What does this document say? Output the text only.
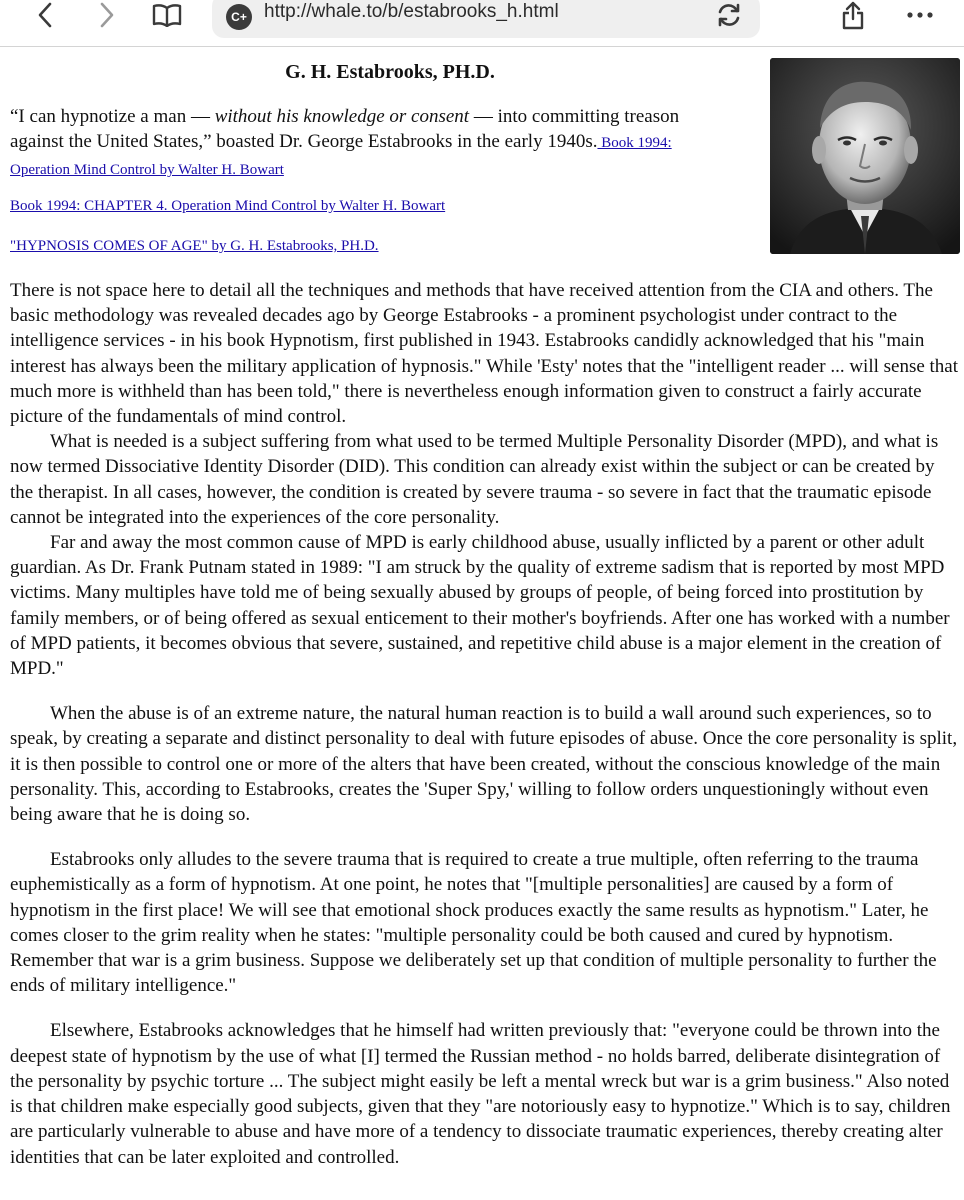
C+ http://whale.to/b/estabrooks_h.html
G. H. Estabrooks, PH.D.

“I can hypnotize a man — without his knowledge or consent — into committing treason against the United States,” boasted Dr. George Estabrooks in the early 1940s. Book 1994: Operation Mind Control by Walter H. Bowart

Book 1994: CHAPTER 4. Operation Mind Control by Walter H. Bowart

"HYPNOSIS COMES OF AGE" by G. H. Estabrooks, PH.D.

There is not space here to detail all the techniques and methods that have received attention from the CIA and others. The basic methodology was revealed decades ago by George Estabrooks - a prominent psychologist under contract to the intelligence services - in his book Hypnotism, first published in 1943. Estabrooks candidly acknowledged that his "main interest has always been the military application of hypnosis." While 'Esty' notes that the "intelligent reader ... will sense that much more is withheld than has been told," there is nevertheless enough information given to construct a fairly accurate picture of the fundamentals of mind control.

What is needed is a subject suffering from what used to be termed Multiple Personality Disorder (MPD), and what is now termed Dissociative Identity Disorder (DID). This condition can already exist within the subject or can be created by the therapist. In all cases, however, the condition is created by severe trauma - so severe in fact that the traumatic episode cannot be integrated into the experiences of the core personality.

Far and away the most common cause of MPD is early childhood abuse, usually inflicted by a parent or other adult guardian. As Dr. Frank Putnam stated in 1989: "I am struck by the quality of extreme sadism that is reported by most MPD victims. Many multiples have told me of being sexually abused by groups of people, of being forced into prostitution by family members, or of being offered as sexual enticement to their mother's boyfriends. After one has worked with a number of MPD patients, it becomes obvious that severe, sustained, and repetitive child abuse is a major element in the creation of MPD."

When the abuse is of an extreme nature, the natural human reaction is to build a wall around such experiences, so to speak, by creating a separate and distinct personality to deal with future episodes of abuse. Once the core personality is split, it is then possible to control one or more of the alters that have been created, without the conscious knowledge of the main personality. This, according to Estabrooks, creates the 'Super Spy,' willing to follow orders unquestioningly without even being aware that he is doing so.

Estabrooks only alludes to the severe trauma that is required to create a true multiple, often referring to the trauma euphemistically as a form of hypnotism. At one point, he notes that "[multiple personalities] are caused by a form of hypnotism in the first place! We will see that emotional shock produces exactly the same results as hypnotism." Later, he comes closer to the grim reality when he states: "multiple personality could be both caused and cured by hypnotism. Remember that war is a grim business. Suppose we deliberately set up that condition of multiple personality to further the ends of military intelligence."

Elsewhere, Estabrooks acknowledges that he himself had written previously that: "everyone could be thrown into the deepest state of hypnotism by the use of what [I] termed the Russian method - no holds barred, deliberate disintegration of the personality by psychic torture ... The subject might easily be left a mental wreck but war is a grim business." Also noted is that children make especially good subjects, given that they "are notoriously easy to hypnotize." Which is to say, children are particularly vulnerable to abuse and have more of a tendency to dissociate traumatic experiences, thereby creating alter identities that can be later exploited and controlled.
